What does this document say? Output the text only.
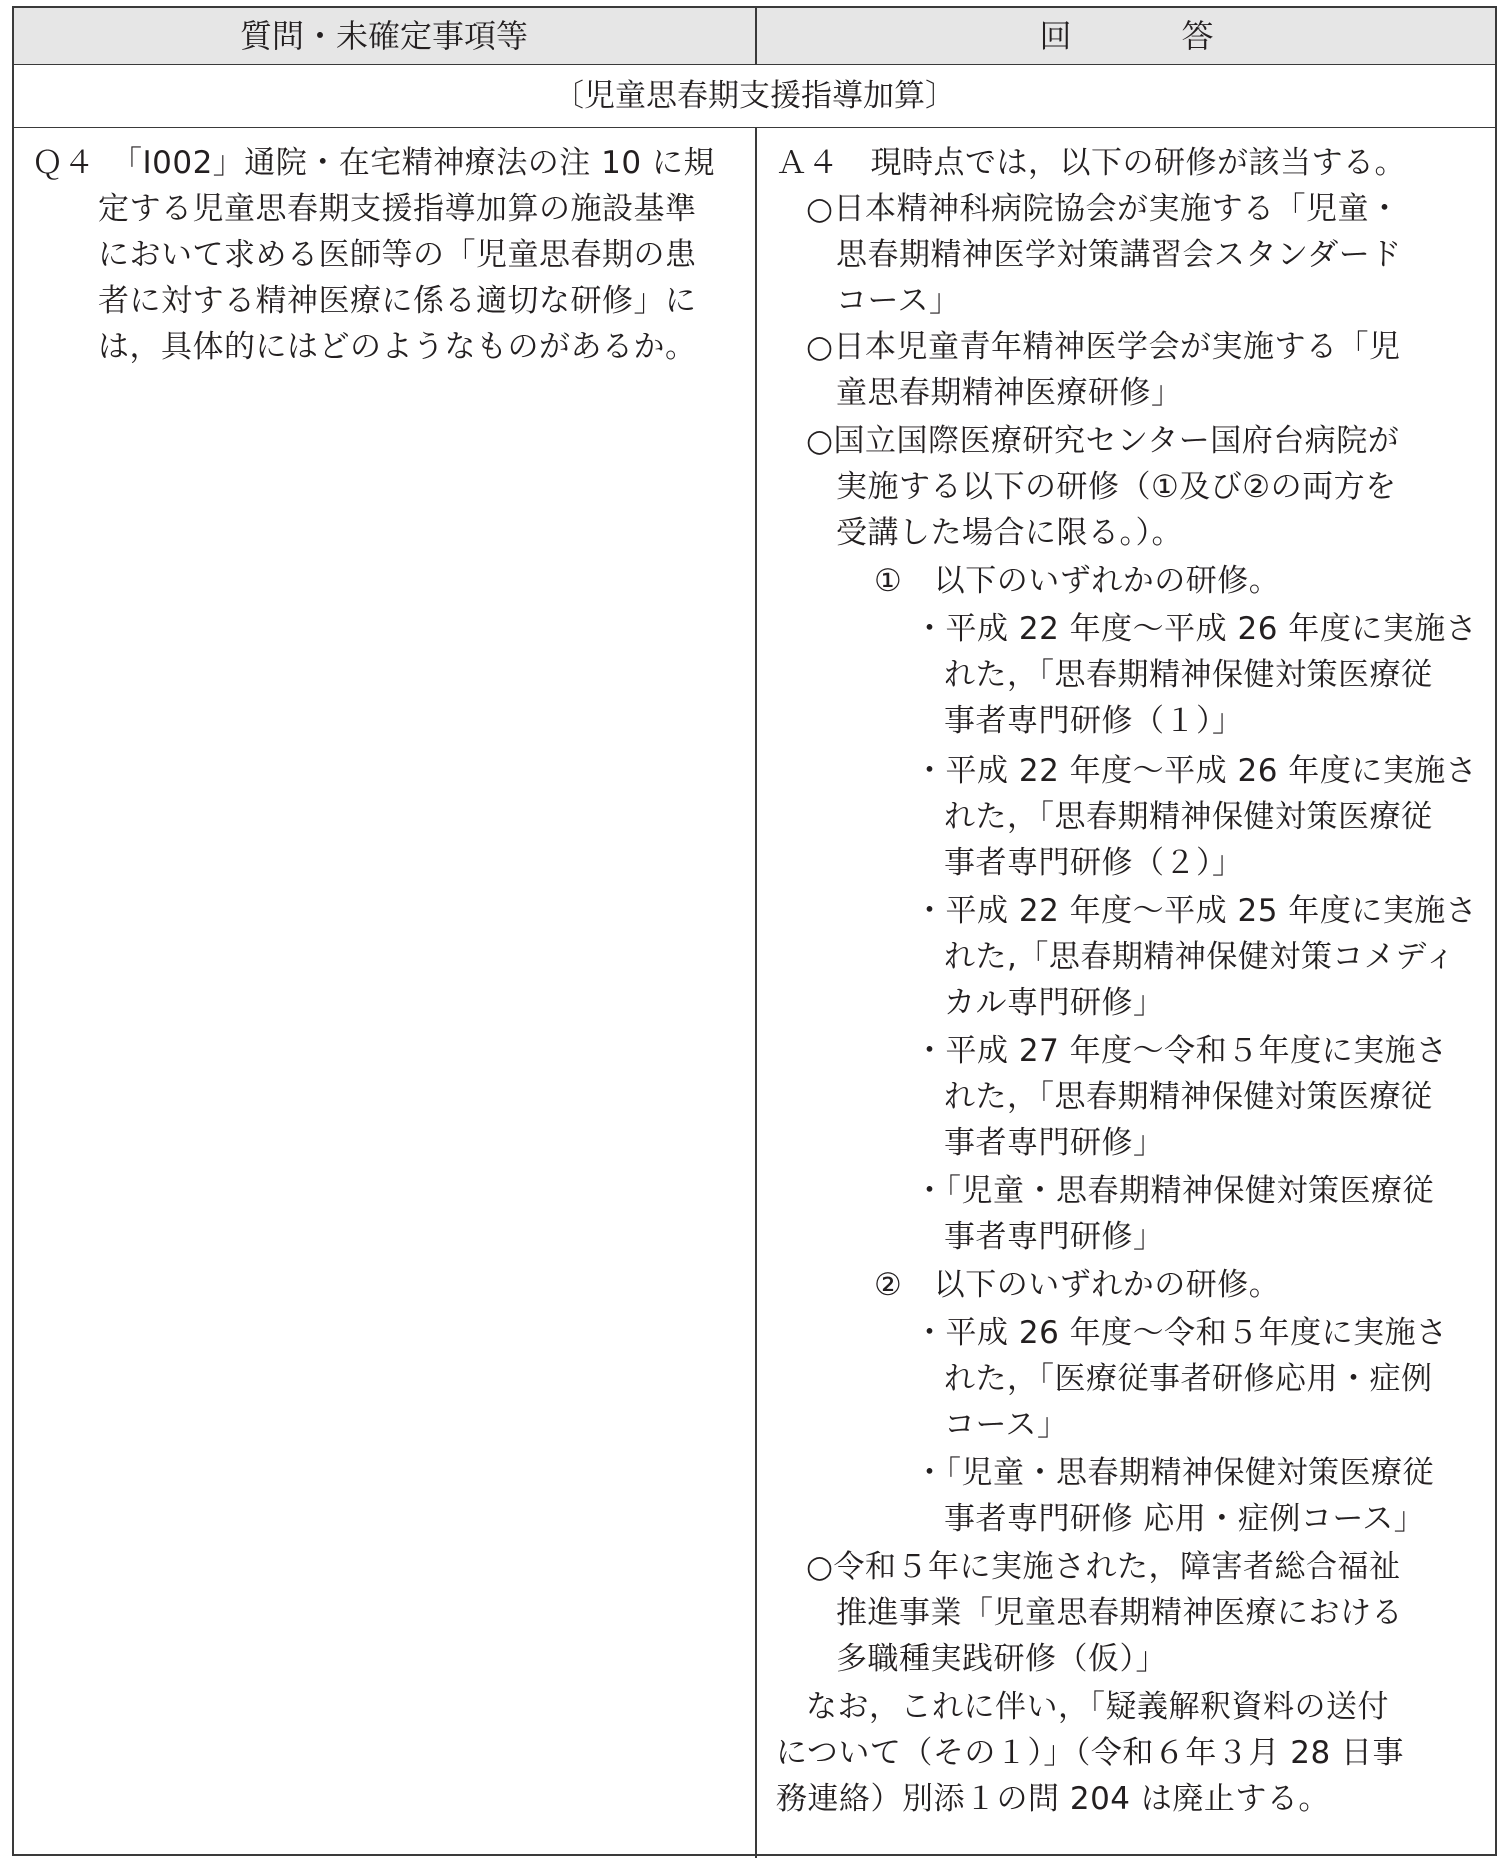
質問・未確定事項等	回	答
〔児童思春期支援指導加算〕
Ｑ４　「I002」通院・在宅精神療法の注 10 に規
定する児童思春期支援指導加算の施設基準
において求める医師等の「児童思春期の患
者に対する精神医療に係る適切な研修」に
は，具体的にはどのようなものがあるか。
Ａ４　現時点では，以下の研修が該当する。
○日本精神科病院協会が実施する「児童・
思春期精神医学対策講習会スタンダード
コース」
○日本児童青年精神医学会が実施する「児
童思春期精神医療研修」
○国立国際医療研究センター国府台病院が
実施する以下の研修（①及び②の両方を
受講した場合に限る。）。
①　以下のいずれかの研修。
・平成 22 年度～平成 26 年度に実施さ
れた，「思春期精神保健対策医療従
事者専門研修（１）」
・平成 22 年度～平成 26 年度に実施さ
れた，「思春期精神保健対策医療従
事者専門研修（２）」
・平成 22 年度～平成 25 年度に実施さ
れた,「思春期精神保健対策コメディ
カル専門研修」
・平成 27 年度～令和５年度に実施さ
れた，「思春期精神保健対策医療従
事者専門研修」
・「児童・思春期精神保健対策医療従
事者専門研修」
②　以下のいずれかの研修。
・平成 26 年度～令和５年度に実施さ
れた，「医療従事者研修応用・症例
コース」
・「児童・思春期精神保健対策医療従
事者専門研修 応用・症例コース」
○令和５年に実施された，障害者総合福祉
推進事業「児童思春期精神医療における
多職種実践研修（仮）」
なお，これに伴い，「疑義解釈資料の送付
について（その１）」（令和６年３月 28 日事
務連絡）別添１の問 204 は廃止する。
